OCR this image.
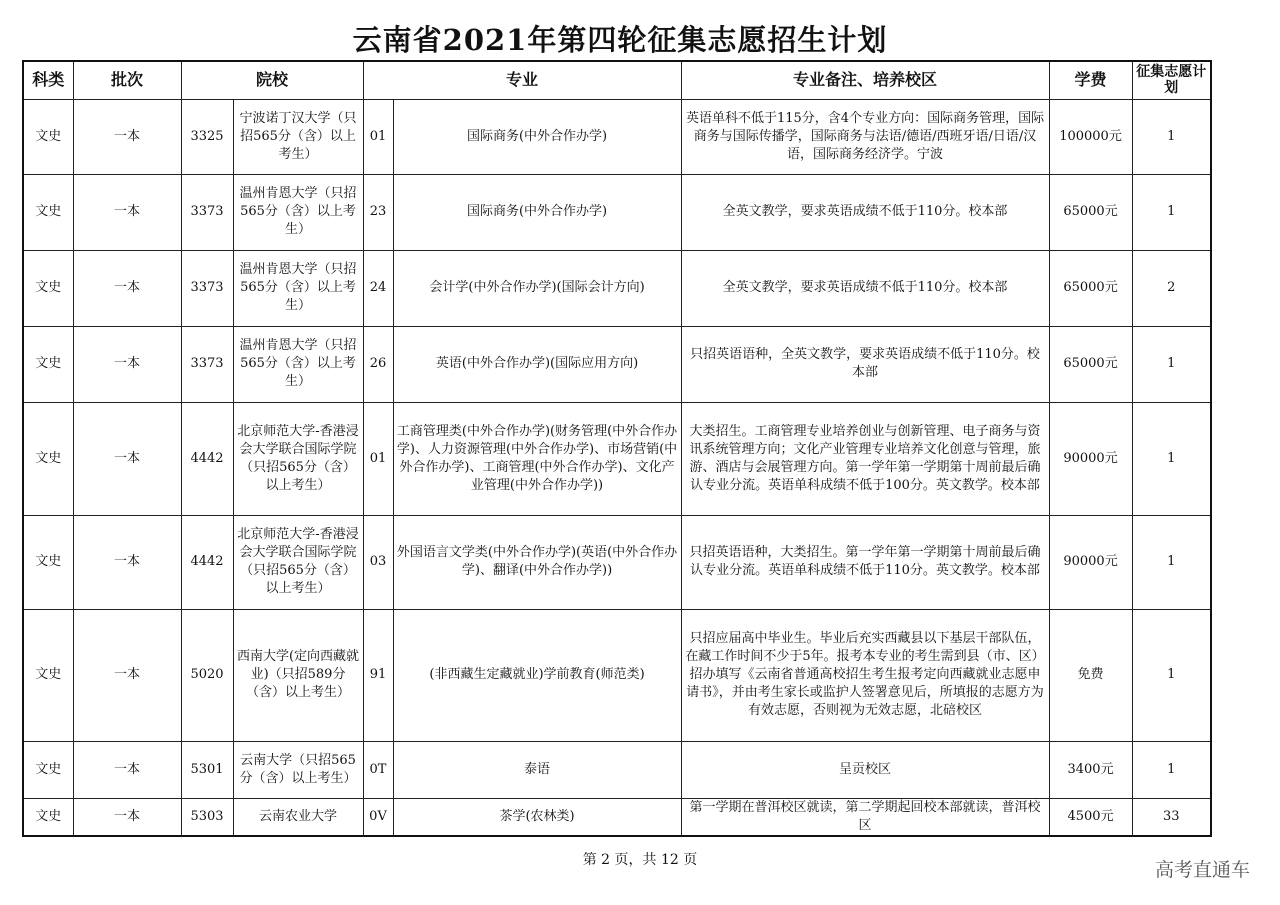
云南省2021年第四轮征集志愿招生计划
科类	批次	院校		专业		专业备注、培养校区	学费	征集志愿计划
文史	一本	3325	宁波诺丁汉大学（只招565分（含）以上考生）	01	国际商务(中外合作办学)	英语单科不低于115分，含4个专业方向：国际商务管理，国际商务与国际传播学，国际商务与法语/德语/西班牙语/日语/汉语，国际商务经济学。宁波	100000元	1
文史	一本	3373	温州肯恩大学（只招565分（含）以上考生）	23	国际商务(中外合作办学)	全英文教学，要求英语成绩不低于110分。校本部	65000元	1
文史	一本	3373	温州肯恩大学（只招565分（含）以上考生）	24	会计学(中外合作办学)(国际会计方向)	全英文教学，要求英语成绩不低于110分。校本部	65000元	2
文史	一本	3373	温州肯恩大学（只招565分（含）以上考生）	26	英语(中外合作办学)(国际应用方向)	只招英语语种，全英文教学，要求英语成绩不低于110分。校本部	65000元	1
文史	一本	4442	北京师范大学-香港浸会大学联合国际学院（只招565分（含）以上考生）	01	工商管理类(中外合作办学)(财务管理(中外合作办学)、人力资源管理(中外合作办学)、市场营销(中外合作办学)、工商管理(中外合作办学)、文化产业管理(中外合作办学))	大类招生。工商管理专业培养创业与创新管理、电子商务与资讯系统管理方向；文化产业管理专业培养文化创意与管理，旅游、酒店与会展管理方向。第一学年第一学期第十周前最后确认专业分流。英语单科成绩不低于100分。英文教学。校本部	90000元	1
文史	一本	4442	北京师范大学-香港浸会大学联合国际学院（只招565分（含）以上考生）	03	外国语言文学类(中外合作办学)(英语(中外合作办学)、翻译(中外合作办学))	只招英语语种，大类招生。第一学年第一学期第十周前最后确认专业分流。英语单科成绩不低于110分。英文教学。校本部	90000元	1
文史	一本	5020	西南大学(定向西藏就业)（只招589分（含）以上考生）	91	(非西藏生定藏就业)学前教育(师范类)	只招应届高中毕业生。毕业后充实西藏县以下基层干部队伍，在藏工作时间不少于5年。报考本专业的考生需到县（市、区）招办填写《云南省普通高校招生考生报考定向西藏就业志愿申请书》，并由考生家长或监护人签署意见后，所填报的志愿方为有效志愿，否则视为无效志愿，北碚校区	免费	1
文史	一本	5301	云南大学（只招565分（含）以上考生）	0T	泰语	呈贡校区	3400元	1
文史	一本	5303	云南农业大学	0V	茶学(农林类)	第一学期在普洱校区就读，第二学期起回校本部就读，普洱校区	4500元	33
第 2 页，共 12 页	高考直通车
